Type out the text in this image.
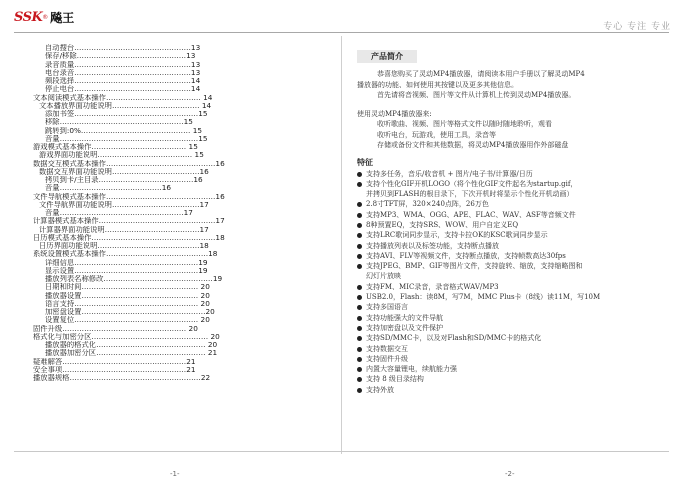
SSK ® 飚王
专心 专注 专业
自动搜台…………………………………………13
保存/移除………………………………………13
录音质量…………………………………………13
电台录音…………………………………………13
频段选择…………………………………………14
停止电台…………………………………………14
文本阅读模式基本操作………………………………… 14
文本播放界面功能说明……………………………… 14
添加书签……………………………………………15
移除……………………………………………15
跳转到:0%……………………………………… 15
音量…………………………………………………15
游戏模式基本操作………………………………… 15
游戏界面功能说明………………………………… 15
数据交互模式基本操作………………………………………16
数据交互界面功能说明………………………………16
拷贝到卡/主目录…………………………………16
音量……………………………………16
文件导航模式基本操作………………………………………16
文件导航界面功能说明………………………………17
音量……………………………………………17
计算器模式基本操作…………………………………………17
计算器界面功能说明…………………………………17
日历模式基本操作……………………………………………18
日历界面功能说明……………………………………18
系统设置模式基本操作……………………………………18
详细信息……………………………………………19
显示设置……………………………………………19
播放列表名称修改………………………………………19
日期和时间………………………………………… 20
播放器设置………………………………………… 20
语言支持…………………………………………… 20
加密盘设置……………………………………………20
设置复位…………………………………………… 20
固件升级…………………………………………… 20
格式化与加密分区………………………………………… 20
播放器的格式化……………………………………… 20
播放器加密分区……………………………………… 21
疑难解答……………………………………………21
安全事项……………………………………………21
播放器规格………………………………………………22
产品简介
恭喜您购买了灵动MP4播放器，请阅读本用户手册以了解灵动MP4
播放器的功能、如何使用其按键以及更多其他信息。
首先请将音视频、图片等文件从计算机上传到灵动MP4播放器。
使用灵动MP4播放器来:
收听歌曲、视频、图片等格式文件以随时随地聆听，观看
收听电台，玩游戏，使用工具，录音等
存储或备份文件和其他数据，将灵动MP4播放器用作外部磁盘
特征
支持多任务，音乐/收音机 + 图片/电子书/计算器/日历
支持个性化GIF开机LOGO（将个性化GIF文件起名为startup.gif，
并拷贝到FLASH的根目录下，下次开机时将显示个性化开机动画）
2.8寸TFT屏，320×240点阵，26万色
支持MP3、WMA、OGG、APE、FLAC、WAV、ASF等音频文件
8种预置EQ，支持SRS、WOW、用户自定义EQ
支持LRC歌词同步显示，支持卡拉OK的KSC歌词同步显示
支持播放列表以及标签功能，支持断点播放
支持AVI、FLV等视频文件，支持断点播放，支持帧数高达30fps
支持JPEG、BMP、GIF等图片文件，支持旋转、缩放，支持缩略图和
幻灯片放映
支持FM、MIC录音，录音格式WAV/MP3
USB2.0，Flash：读8M，写7M，MMC Plus卡（8线）读11M，写10M
支持多国语言
支持功能强大的文件导航
支持加密盘以及文件保护
支持SD/MMC卡，以及对Flash和SD/MMC卡的格式化
支持数据交互
支持固件升级
内置大容量锂电，续航能力强
支持 8 级目录结构
支持外放
-1-	-2-
